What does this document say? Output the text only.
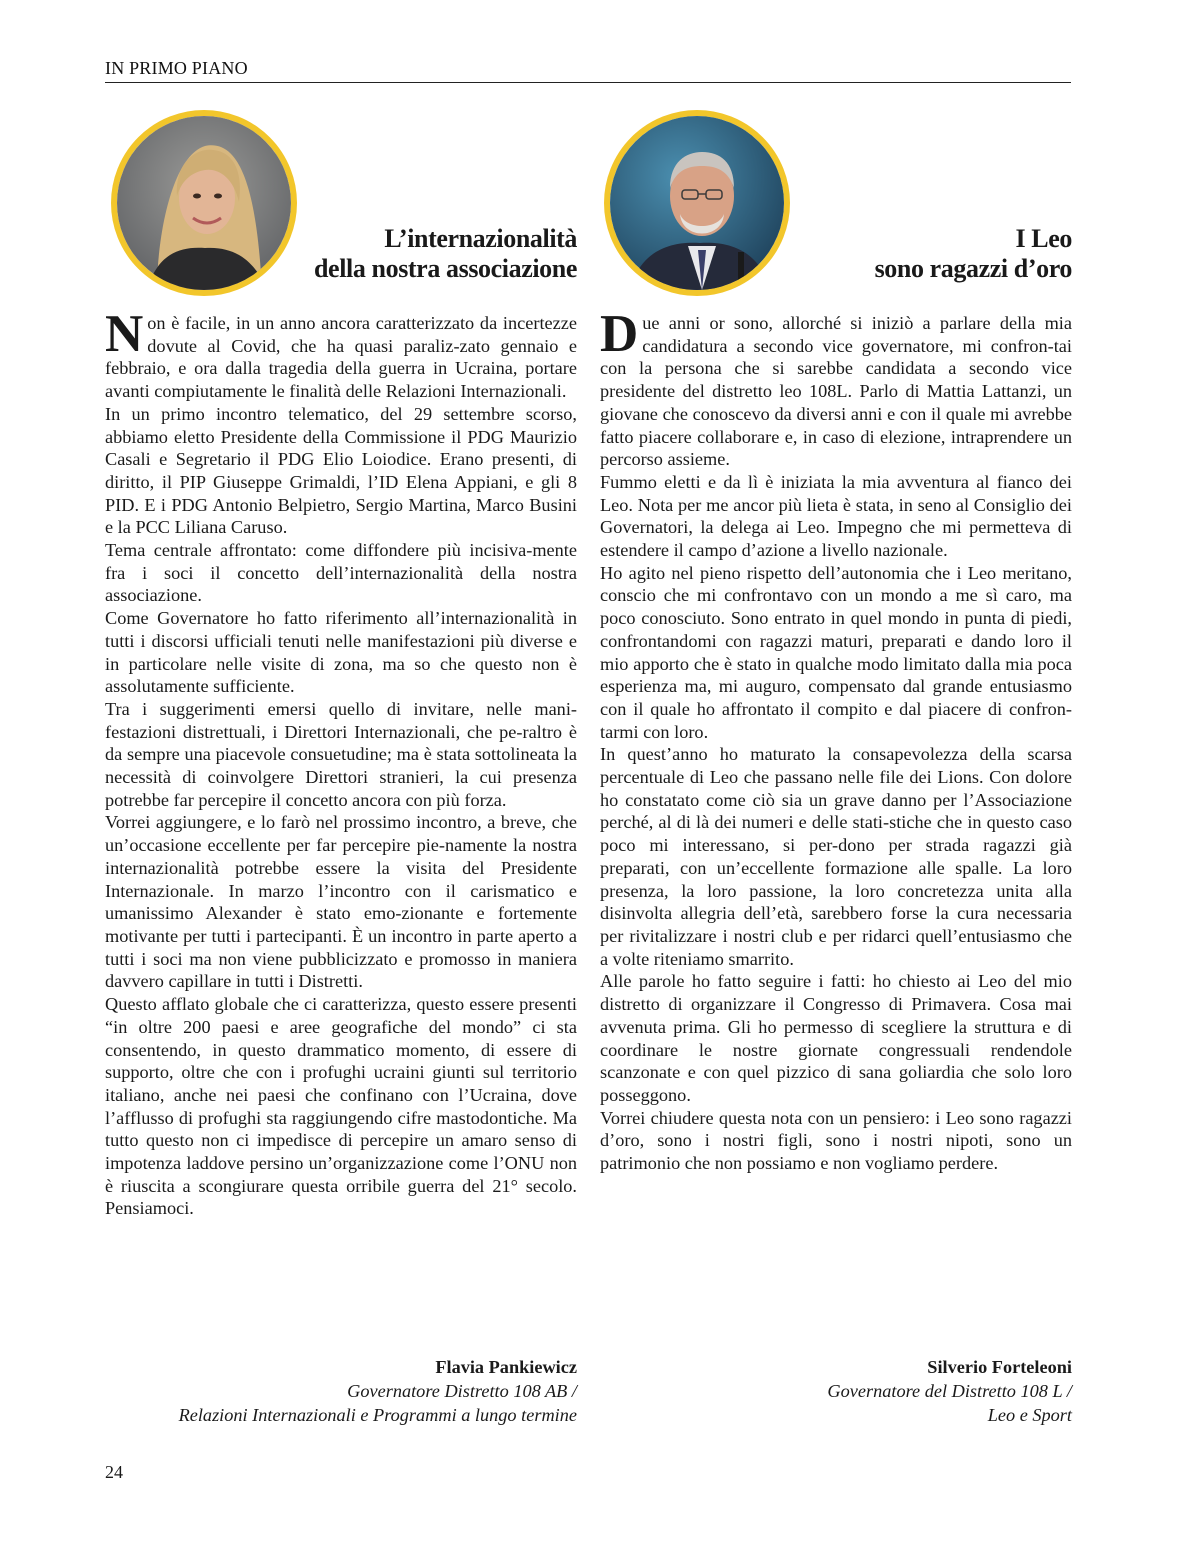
IN PRIMO PIANO
L’internazionalità
della nostra associazione

Non è facile, in un anno ancora caratterizzato da incertezze dovute al Covid, che ha quasi paraliz-zato gennaio e febbraio, e ora dalla tragedia della guerra in Ucraina, portare avanti compiutamente le finalità delle Relazioni Internazionali.

In un primo incontro telematico, del 29 settembre scorso, abbiamo eletto Presidente della Commissione il PDG Maurizio Casali e Segretario il PDG Elio Loiodice. Erano presenti, di diritto, il PIP Giuseppe Grimaldi, l’ID Elena Appiani, e gli 8 PID. E i PDG Antonio Belpietro, Sergio Martina, Marco Busini e la PCC Liliana Caruso.

Tema centrale affrontato: come diffondere più incisiva-mente fra i soci il concetto dell’internazionalità della nostra associazione.

Come Governatore ho fatto riferimento all’internazionalità in tutti i discorsi ufficiali tenuti nelle manifestazioni più diverse e in particolare nelle visite di zona, ma so che questo non è assolutamente sufficiente.

Tra i suggerimenti emersi quello di invitare, nelle mani-festazioni distrettuali, i Direttori Internazionali, che pe-raltro è da sempre una piacevole consuetudine; ma è stata sottolineata la necessità di coinvolgere Direttori stranieri, la cui presenza potrebbe far percepire il concetto ancora con più forza.

Vorrei aggiungere, e lo farò nel prossimo incontro, a breve, che un’occasione eccellente per far percepire pie-namente la nostra internazionalità potrebbe essere la visita del Presidente Internazionale. In marzo l’incontro con il carismatico e umanissimo Alexander è stato emo-zionante e fortemente motivante per tutti i partecipanti. È un incontro in parte aperto a tutti i soci ma non viene pubblicizzato e promosso in maniera davvero capillare in tutti i Distretti.

Questo afflato globale che ci caratterizza, questo essere presenti “in oltre 200 paesi e aree geografiche del mondo” ci sta consentendo, in questo drammatico momento, di essere di supporto, oltre che con i profughi ucraini giunti sul territorio italiano, anche nei paesi che confinano con l’Ucraina, dove l’afflusso di profughi sta raggiungendo cifre mastodontiche. Ma tutto questo non ci impedisce di percepire un amaro senso di impotenza laddove persino un’organizzazione come l’ONU non è riuscita a scongiurare questa orribile guerra del 21° secolo. Pensiamoci.

Flavia Pankiewicz
Governatore Distretto 108 AB /
Relazioni Internazionali e Programmi a lungo termine
I Leo
sono ragazzi d’oro

Due anni or sono, allorché si iniziò a parlare della mia candidatura a secondo vice governatore, mi confron-tai con la persona che si sarebbe candidata a secondo vice presidente del distretto leo 108L. Parlo di Mattia Lattanzi, un giovane che conoscevo da diversi anni e con il quale mi avrebbe fatto piacere collaborare e, in caso di elezione, intraprendere un percorso assieme.

Fummo eletti e da lì è iniziata la mia avventura al fianco dei Leo. Nota per me ancor più lieta è stata, in seno al Consiglio dei Governatori, la delega ai Leo. Impegno che mi permetteva di estendere il campo d’azione a livello nazionale.

Ho agito nel pieno rispetto dell’autonomia che i Leo meritano, conscio che mi confrontavo con un mondo a me sì caro, ma poco conosciuto. Sono entrato in quel mondo in punta di piedi, confrontandomi con ragazzi maturi, preparati e dando loro il mio apporto che è stato in qualche modo limitato dalla mia poca esperienza ma, mi auguro, compensato dal grande entusiasmo con il quale ho affrontato il compito e dal piacere di confron-tarmi con loro.

In quest’anno ho maturato la consapevolezza della scarsa percentuale di Leo che passano nelle file dei Lions. Con dolore ho constatato come ciò sia un grave danno per l’Associazione perché, al di là dei numeri e delle stati-stiche che in questo caso poco mi interessano, si per-dono per strada ragazzi già preparati, con un’eccellente formazione alle spalle. La loro presenza, la loro passione, la loro concretezza unita alla disinvolta allegria dell’età, sarebbero forse la cura necessaria per rivitalizzare i nostri club e per ridarci quell’entusiasmo che a volte riteniamo smarrito.

Alle parole ho fatto seguire i fatti: ho chiesto ai Leo del mio distretto di organizzare il Congresso di Primavera. Cosa mai avvenuta prima. Gli ho permesso di scegliere la struttura e di coordinare le nostre giornate congressuali rendendole scanzonate e con quel pizzico di sana goliardia che solo loro posseggono.

Vorrei chiudere questa nota con un pensiero: i Leo sono ragazzi d’oro, sono i nostri figli, sono i nostri nipoti, sono un patrimonio che non possiamo e non vogliamo perdere.

Silverio Forteleoni
Governatore del Distretto 108 L /
Leo e Sport
24
